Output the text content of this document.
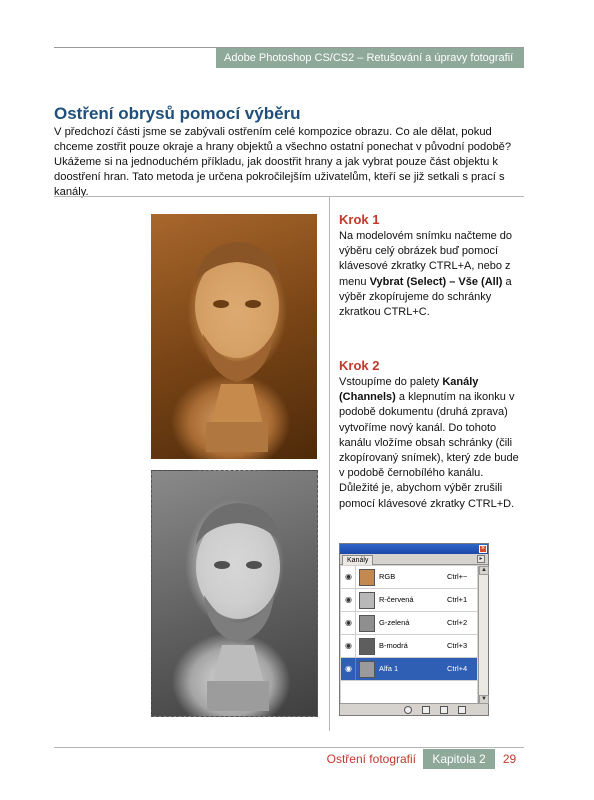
Adobe Photoshop CS/CS2 – Retušování a úpravy fotografií
Ostření obrysů pomocí výběru

V předchozí části jsme se zabývali ostřením celé kompozice obrazu. Co ale dělat, pokud chceme zostřit pouze okraje a hrany objektů a všechno ostatní ponechat v původní podobě? Ukážeme si na jednoduchém příkladu, jak doostřit hrany a jak vybrat pouze část objektu k doostření hran. Tato metoda je určena pokročilejším uživatelům, kteří se již setkali s prací s kanály.

Krok 1
Na modelovém snímku načteme do výběru celý obrázek buď pomocí klávesové zkratky CTRL+A, nebo z menu Vybrat (Select) – Vše (All) a výběr zkopírujeme do schránky zkratkou CTRL+C.
Krok 2
Vstoupíme do palety Kanály (Channels) a klepnutím na ikonku v podobě dokumentu (druhá zprava) vytvoříme nový kanál. Do tohoto kanálu vložíme obsah schránky (čili zkopírovaný snímek), který zde bude v podobě černobílého kanálu. Důležité je, abychom výběr zrušili pomocí klávesové zkratky CTRL+D.
×
Kanály	▸
◉	RGB	Ctrl+~
◉	R-červená	Ctrl+1
◉	G-zelená	Ctrl+2
◉	B-modrá	Ctrl+3
◉	Alfa 1	Ctrl+4
▲
▼
Ostření fotografií	Kapitola 2	29
